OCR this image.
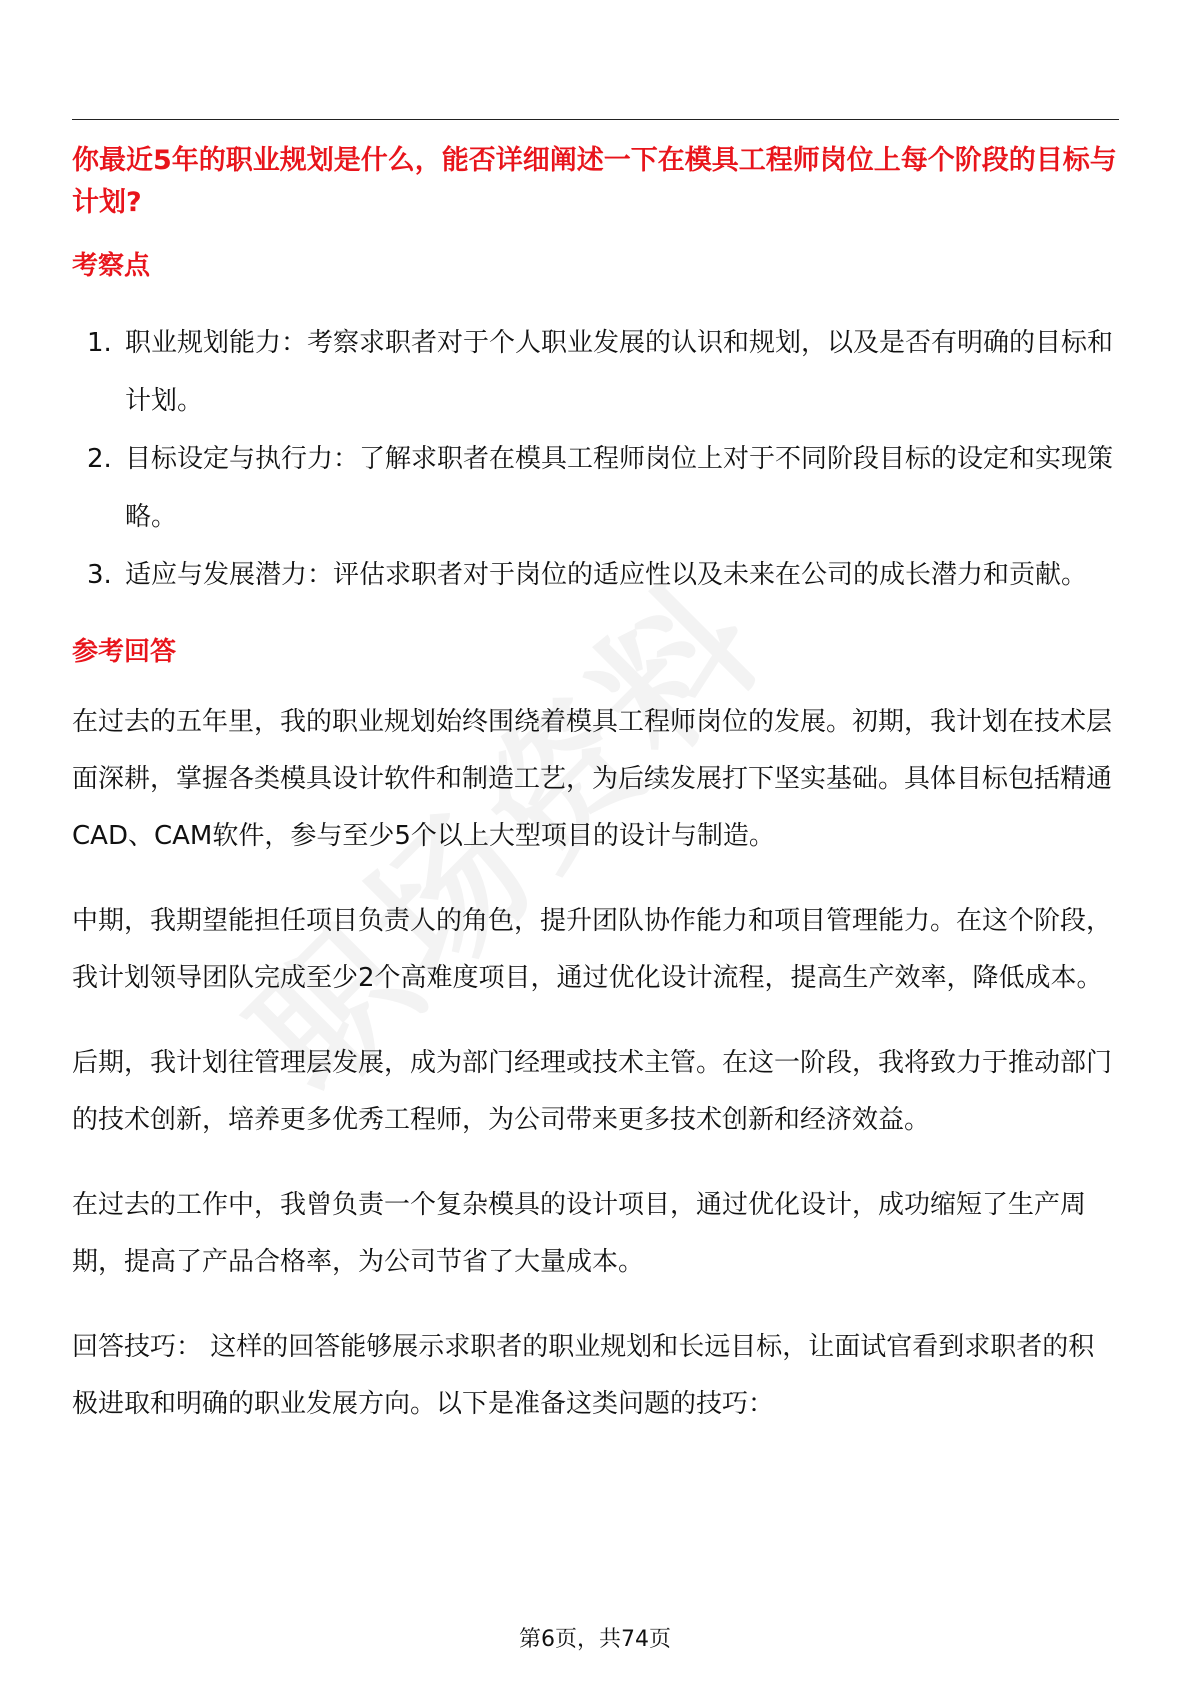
你最近5年的职业规划是什么，能否详细阐述一下在模具工程师岗位上每个阶段的目标与计划?

考察点

1. 职业规划能力：考察求职者对于个人职业发展的认识和规划，以及是否有明确的目标和计划。
2. 目标设定与执行力：了解求职者在模具工程师岗位上对于不同阶段目标的设定和实现策略。
3. 适应与发展潜力：评估求职者对于岗位的适应性以及未来在公司的成长潜力和贡献。

参考回答

在过去的五年里，我的职业规划始终围绕着模具工程师岗位的发展。初期，我计划在技术层面深耕，掌握各类模具设计软件和制造工艺，为后续发展打下坚实基础。具体目标包括精通CAD、CAM软件，参与至少5个以上大型项目的设计与制造。

中期，我期望能担任项目负责人的角色，提升团队协作能力和项目管理能力。在这个阶段，我计划领导团队完成至少2个高难度项目，通过优化设计流程，提高生产效率，降低成本。

后期，我计划往管理层发展，成为部门经理或技术主管。在这一阶段，我将致力于推动部门的技术创新，培养更多优秀工程师，为公司带来更多技术创新和经济效益。

在过去的工作中，我曾负责一个复杂模具的设计项目，通过优化设计，成功缩短了生产周期，提高了产品合格率，为公司节省了大量成本。

回答技巧： 这样的回答能够展示求职者的职业规划和长远目标，让面试官看到求职者的积极进取和明确的职业发展方向。以下是准备这类问题的技巧：

第6页，共74页
